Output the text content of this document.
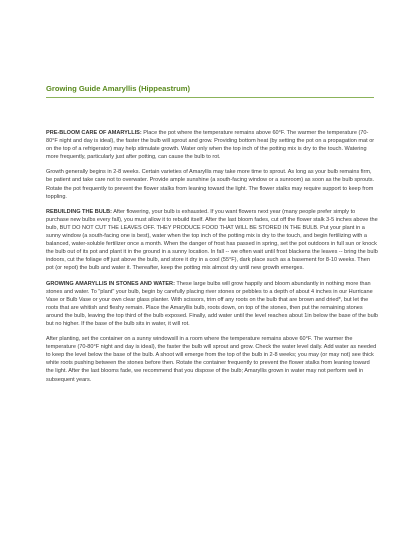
Growing Guide Amaryllis (Hippeastrum)

PRE-BLOOM CARE OF AMARYLLIS: Place the pot where the temperature remains above 60°F. The warmer the temperature (70-80°F night and day is ideal), the faster the bulb will sprout and grow. Providing bottom heat (by setting the pot on a propagation mat or on the top of a refrigerator) may help stimulate growth. Water only when the top inch of the potting mix is dry to the touch. Watering more frequently, particularly just after potting, can cause the bulb to rot.

Growth generally begins in 2-8 weeks. Certain varieties of Amaryllis may take more time to sprout. As long as your bulb remains firm, be patient and take care not to overwater. Provide ample sunshine (a south-facing window or a sunroom) as soon as the bulb sprouts. Rotate the pot frequently to prevent the flower stalks from leaning toward the light. The flower stalks may require support to keep from toppling.

REBUILDING THE BULB: After flowering, your bulb is exhausted. If you want flowers next year (many people prefer simply to purchase new bulbs every fall), you must allow it to rebuild itself. After the last bloom fades, cut off the flower stalk 3-5 inches above the bulb, BUT DO NOT CUT THE LEAVES OFF. THEY PRODUCE FOOD THAT WILL BE STORED IN THE BULB. Put your plant in a sunny window (a south-facing one is best), water when the top inch of the potting mix is dry to the touch, and begin fertilizing with a balanced, water-soluble fertilizer once a month. When the danger of frost has passed in spring, set the pot outdoors in full sun or knock the bulb out of its pot and plant it in the ground in a sunny location. In fall -- we often wait until frost blackens the leaves -- bring the bulb indoors, cut the foliage off just above the bulb, and store it dry in a cool (55°F), dark place such as a basement for 8-10 weeks. Then pot (or repot) the bulb and water it. Thereafter, keep the potting mix almost dry until new growth emerges.

GROWING AMARYLLIS IN STONES AND WATER: These large bulbs will grow happily and bloom abundantly in nothing more than stones and water. To "plant" your bulb, begin by carefully placing river stones or pebbles to a depth of about 4 inches in our Hurricane Vase or Bulb Vase or your own clear glass planter. With scissors, trim off any roots on the bulb that are brown and dried*, but let the roots that are whitish and fleshy remain. Place the Amaryllis bulb, roots down, on top of the stones, then put the remaining stones around the bulb, leaving the top third of the bulb exposed. Finally, add water until the level reaches about 1in below the base of the bulb but no higher. If the base of the bulb sits in water, it will rot.

After planting, set the container on a sunny windowsill in a room where the temperature remains above 60°F. The warmer the temperature (70-80°F night and day is ideal), the faster the bulb will sprout and grow. Check the water level daily. Add water as needed to keep the level below the base of the bulb. A shoot will emerge from the top of the bulb in 2-8 weeks; you may (or may not) see thick white roots pushing between the stones before then. Rotate the container frequently to prevent the flower stalks from leaning toward the light. After the last blooms fade, we recommend that you dispose of the bulb; Amaryllis grown in water may not perform well in subsequent years.
